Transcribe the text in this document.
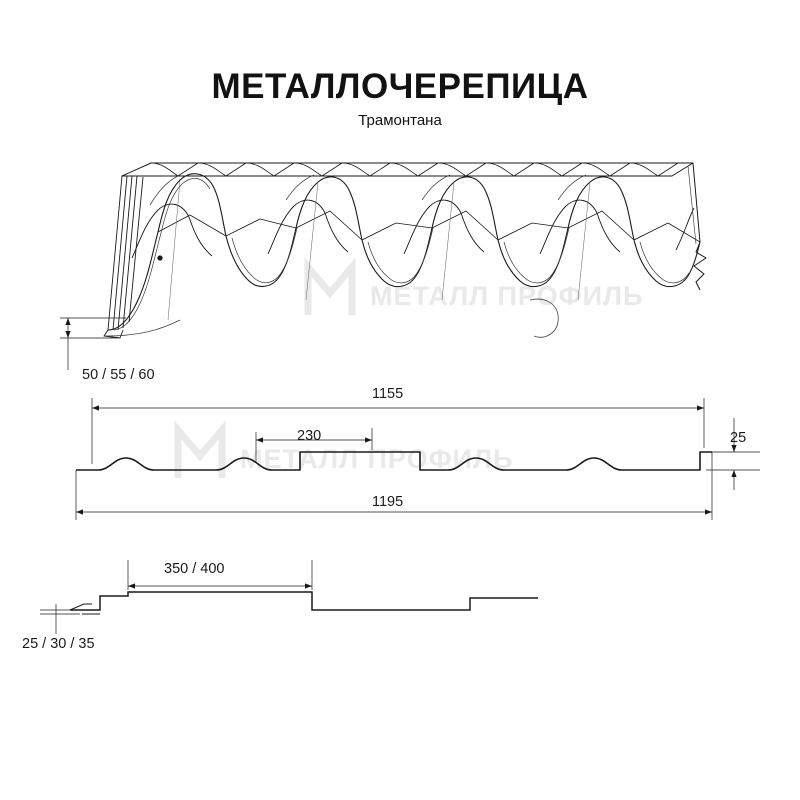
МЕТАЛЛ ПРОФИЛЬ
МЕТАЛЛ ПРОФИЛЬ
МЕТАЛЛОЧЕРЕПИЦА
Трамонтана
50 / 55 / 60
1155
230	25
1195
350 / 400
25 / 30 / 35
